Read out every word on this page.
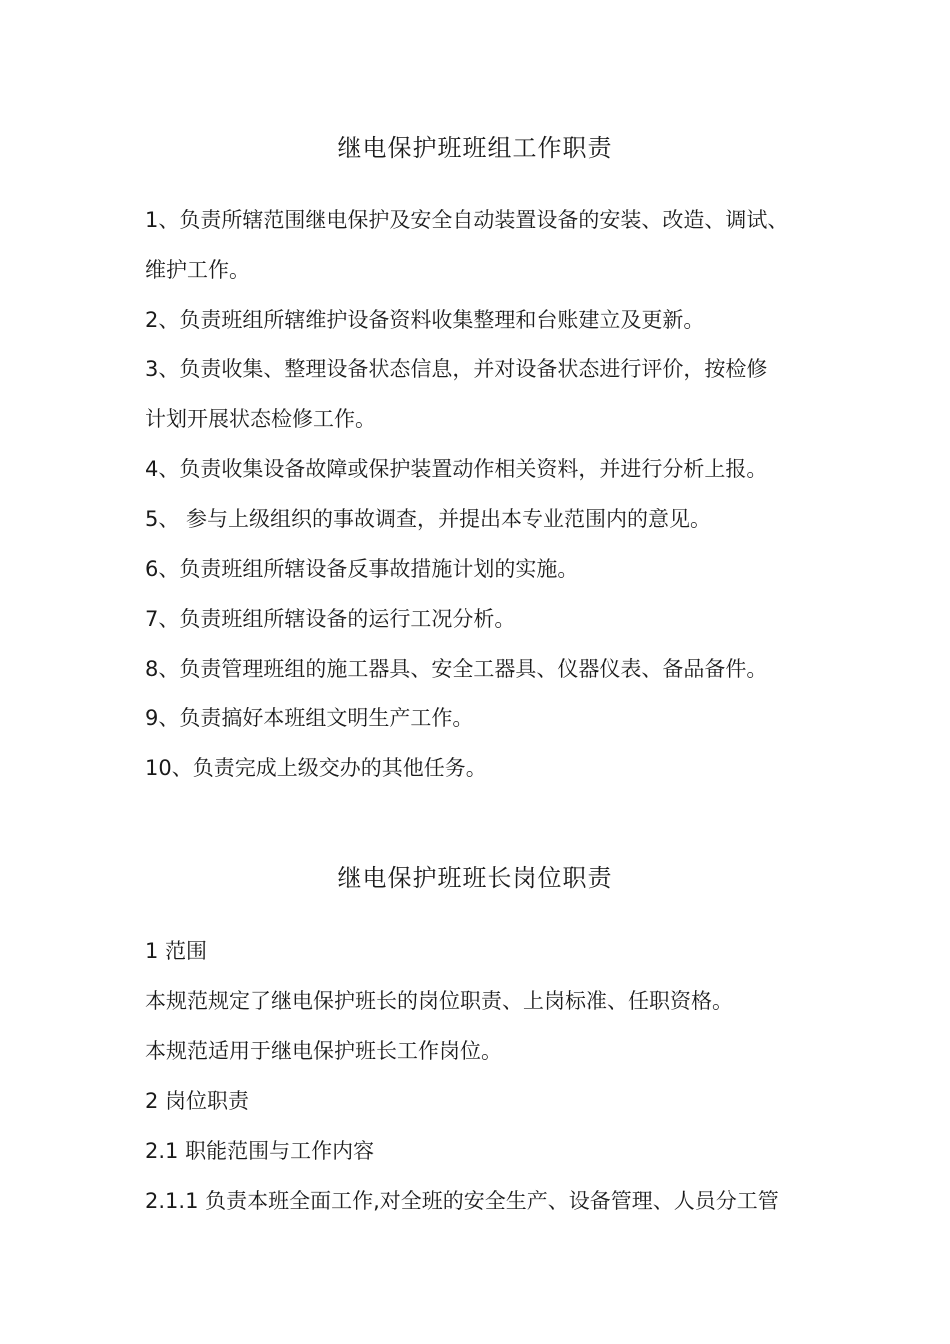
继电保护班班组工作职责
1、负责所辖范围继电保护及安全自动装置设备的安装、改造、调试、
维护工作。
2、负责班组所辖维护设备资料收集整理和台账建立及更新。
3、负责收集、整理设备状态信息，并对设备状态进行评价，按检修
计划开展状态检修工作。
4、负责收集设备故障或保护装置动作相关资料，并进行分析上报。
5、 参与上级组织的事故调查，并提出本专业范围内的意见。
6、负责班组所辖设备反事故措施计划的实施。
7、负责班组所辖设备的运行工况分析。
8、负责管理班组的施工器具、安全工器具、仪器仪表、备品备件。
9、负责搞好本班组文明生产工作。
10、负责完成上级交办的其他任务。
继电保护班班长岗位职责
1 范围
本规范规定了继电保护班长的岗位职责、上岗标准、任职资格。
本规范适用于继电保护班长工作岗位。
2 岗位职责
2.1 职能范围与工作内容
2.1.1 负责本班全面工作,对全班的安全生产、设备管理、人员分工管
